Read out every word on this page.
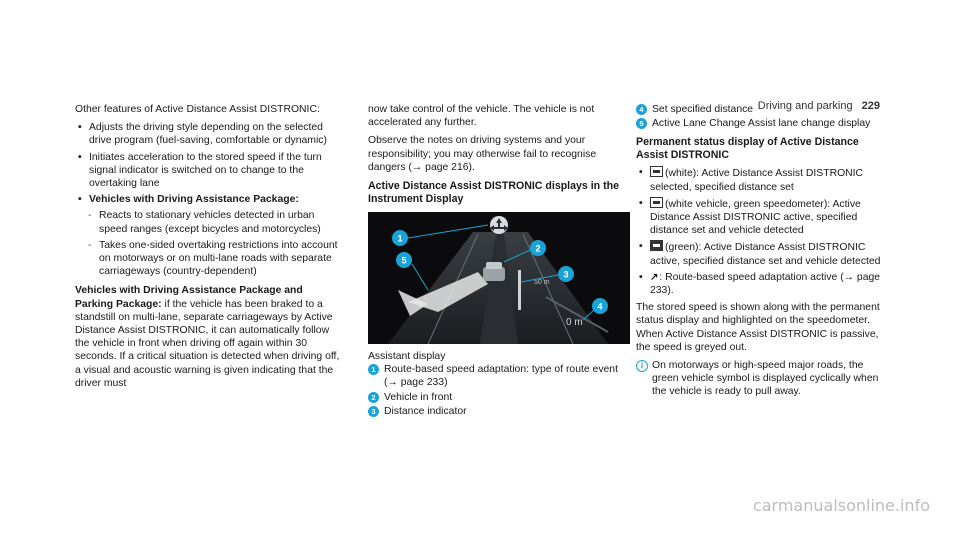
Driving and parking 229

Other features of Active Distance Assist DISTRONIC:

• Adjusts the driving style depending on the selected drive program (fuel-saving, comfortable or dynamic)
• Initiates acceleration to the stored speed if the turn signal indicator is switched on to change to the overtaking lane
• Vehicles with Driving Assistance Package:
- Reacts to stationary vehicles detected in urban speed ranges (except bicycles and motorcycles)
- Takes one-sided overtaking restrictions into account on motorways or on multi-lane roads with separate carriageways (country-dependent)

Vehicles with Driving Assistance Package and Parking Package: if the vehicle has been braked to a standstill on multi-lane, separate carriageways by Active Distance Assist DISTRONIC, it can automatically follow the vehicle in front when driving off again within 30 seconds. If a critical situation is detected when driving off, a visual and acoustic warning is given indicating that the driver must

now take control of the vehicle. The vehicle is not accelerated any further.

Observe the notes on driving systems and your responsibility; you may otherwise fail to recognise dangers (→ page 216).

Active Distance Assist DISTRONIC displays in the Instrument Display
50 m
0 m
1
2
3
4
5
Assistant display
1 Route-based speed adaptation: type of route event (→ page 233)
2 Vehicle in front
3 Distance indicator
4 Set specified distance
5 Active Lane Change Assist lane change display
Permanent status display of Active Distance Assist DISTRONIC
• (white): Active Distance Assist DISTRONIC selected, specified distance set
• (white vehicle, green speedometer): Active Distance Assist DISTRONIC active, specified distance set and vehicle detected
• (green): Active Distance Assist DISTRONIC active, specified distance set and vehicle detected
• ↗: Route-based speed adaptation active (→ page 233).

The stored speed is shown along with the permanent status display and highlighted on the speedometer. When Active Distance Assist DISTRONIC is passive, the speed is greyed out.

i On motorways or high-speed major roads, the green vehicle symbol is displayed cyclically when the vehicle is ready to pull away.
carmanualsonline.info
